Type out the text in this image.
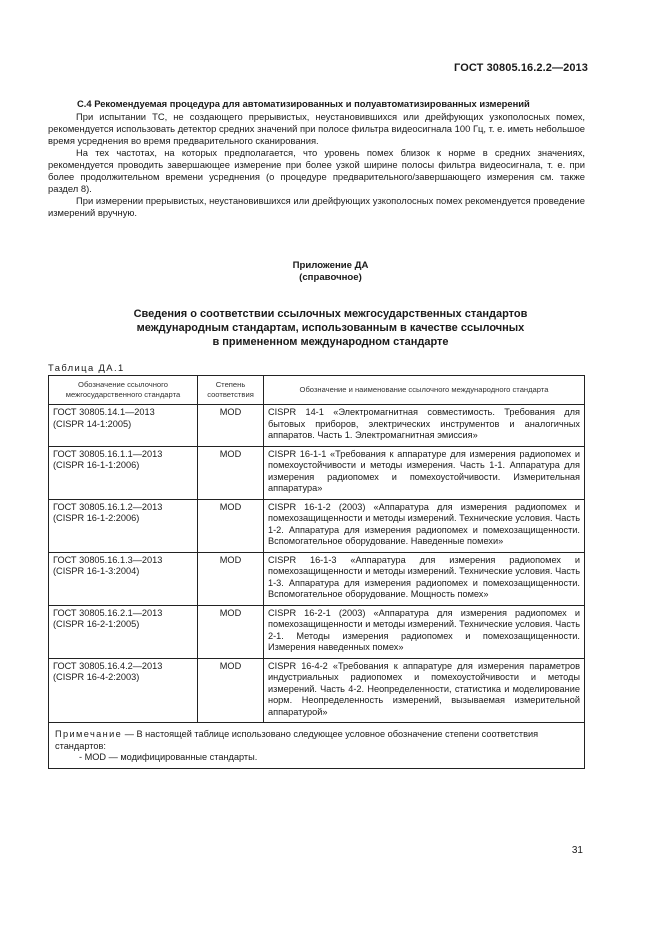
ГОСТ 30805.16.2.2—2013
С.4 Рекомендуемая процедура для автоматизированных и полуавтоматизированных измерений

При испытании ТС, не создающего прерывистых, неустановившихся или дрейфующих узкополосных помех, рекомендуется использовать детектор средних значений при полосе фильтра видеосигнала 100 Гц, т. е. иметь небольшое время усреднения во время предварительного сканирования.

На тех частотах, на которых предполагается, что уровень помех близок к норме в средних значениях, рекомендуется проводить завершающее измерение при более узкой ширине полосы фильтра видеосигнала, т. е. при более продолжительном времени усреднения (о процедуре предварительного/завершающего измерения см. также раздел 8).

При измерении прерывистых, неустановившихся или дрейфующих узкополосных помех рекомендуется проведение измерений вручную.

Приложение ДА
(справочное)
Сведения о соответствии ссылочных межгосударственных стандартов
международным стандартам, использованным в качестве ссылочных
в примененном международном стандарте
Таблица ДА.1
Обозначение ссылочного межгосударственного стандарта	Степень соответствия	Обозначение и наименование ссылочного международного стандарта

ГОСТ 30805.14.1—2013
(CISPR 14-1:2005)	MOD	CISPR 14-1 «Электромагнитная совместимость. Требования для бытовых приборов, электрических инструментов и аналогичных аппаратов. Часть 1. Электромагнитная эмиссия»

ГОСТ 30805.16.1.1—2013
(CISPR 16-1-1:2006)	MOD	CISPR 16-1-1 «Требования к аппаратуре для измерения радиопомех и помехоустойчивости и методы измерения. Часть 1-1. Аппаратура для измерения радиопомех и помехоустойчивости. Измерительная аппаратура»

ГОСТ 30805.16.1.2—2013
(CISPR 16-1-2:2006)	MOD	CISPR 16-1-2 (2003) «Аппаратура для измерения радиопомех и помехозащищенности и методы измерений. Технические условия. Часть 1-2. Аппаратура для измерения радиопомех и помехозащищенности. Вспомогательное оборудование. Наведенные помехи»

ГОСТ 30805.16.1.3—2013
(CISPR 16-1-3:2004)	MOD	CISPR 16-1-3 «Аппаратура для измерения радиопомех и помехозащищенности и методы измерений. Технические условия. Часть 1-3. Аппаратура для измерения радиопомех и помехозащищенности. Вспомогательное оборудование. Мощность помех»

ГОСТ 30805.16.2.1—2013
(CISPR 16-2-1:2005)	MOD	CISPR 16-2-1 (2003) «Аппаратура для измерения радиопомех и помехозащищенности и методы измерений. Технические условия. Часть 2-1. Методы измерения радиопомех и помехозащищенности. Измерения наведенных помех»

ГОСТ 30805.16.4.2—2013
(CISPR 16-4-2:2003)	MOD	CISPR 16-4-2 «Требования к аппаратуре для измерения параметров индустриальных радиопомех и помехоустойчивости и методы измерений. Часть 4-2. Неопределенности, статистика и моделирование норм. Неопределенность измерений, вызываемая измерительной аппаратурой»
Примечание — В настоящей таблице использовано следующее условное обозначение степени соответствия стандартов:
- MOD — модифицированные стандарты.		
31
